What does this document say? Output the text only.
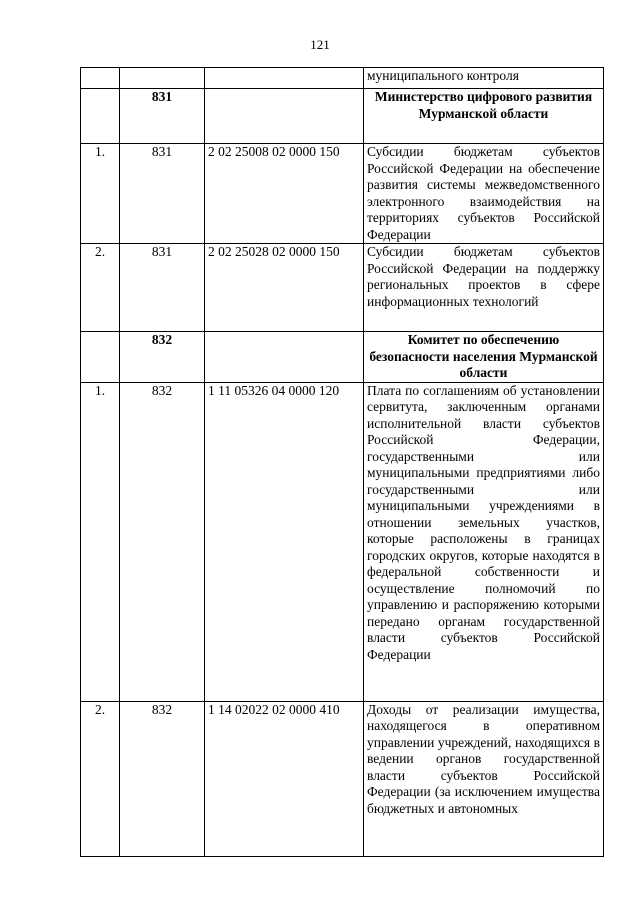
121
			муниципального контроля
	831		Министерство цифрового развития Мурманской области
1.	831	2 02 25008 02 0000 150	Субсидии бюджетам субъектов Российской Федерации на обеспечение развития системы межведомственного электронного взаимодействия на территориях субъектов Российской Федерации
2.	831	2 02 25028 02 0000 150	Субсидии бюджетам субъектов Российской Федерации на поддержку региональных проектов в сфере информационных технологий
	832		Комитет по обеспечению безопасности населения Мурманской области
1.	832	1 11 05326 04 0000 120	Плата по соглашениям об установлении сервитута, заключенным органами исполнительной власти субъектов Российской Федерации, государственными или муниципальными предприятиями либо государственными или муниципальными учреждениями в отношении земельных участков, которые расположены в границах городских округов, которые находятся в федеральной собственности и осуществление полномочий по управлению и распоряжению которыми передано органам государственной власти субъектов Российской Федерации
2.	832	1 14 02022 02 0000 410	Доходы от реализации имущества, находящегося в оперативном управлении учреждений, находящихся в ведении органов государственной власти субъектов Российской Федерации (за исключением имущества бюджетных и автономных
